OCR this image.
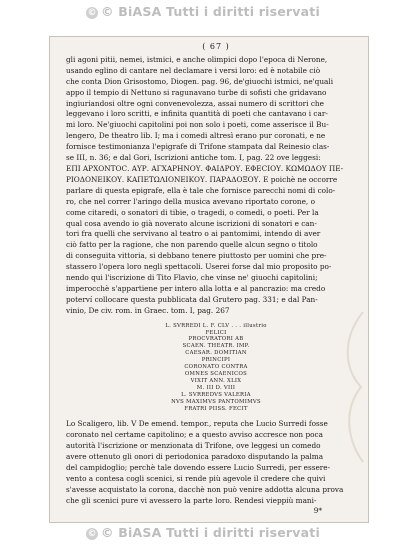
© © BiASA Tutti i diritti riservati
( 67 )

gli agoni pitii, nemei, istmici, e anche olimpici dopo l'epoca di Nerone,

usando eglino di cantare nel declamare i versi loro: ed è notabile ciò

che conta Dion Grisostomo, Diogen. pag. 96, de'giuochi istmici, ne'quali

appo il tempio di Nettuno si ragunavano turbe di sofisti che gridavano

ingiuriandosi oltre ogni convenevolezza, assai numero di scrittori che

leggevano i loro scritti, e infinita quantità di poeti che cantavano i car-

mi loro. Ne'giuochi capitolini poi non solo i poeti, come asserisce il Bu-

lengero, De theatro lib. I; ma i comedi altresì erano pur coronati, e ne

fornisce testimonianza l'epigrafe di Trifone stampata dal Reinesio clas-

se III, n. 36; e dal Gori, Iscrizioni antiche tom. I, pag. 22 ove leggesi:

ΕΠΙ ΑΡΧΟΝΤΟϹ. ΑΥΡ. ΑΓΧΑΡΗΝΟΥ. ΦΑΙΔΡΟΥ. ΕΦΕϹΙΟΥ. ΚΩΜΩΔΟΥ ΠΕ-

ΡΙΟΔΟΝΕΙΚΟΥ. ΚΑΠΕΤΩΛΙΟΝΕΙΚΟΥ. ΠΑΡΑΔΟΞΟΥ. E poichè ne occorre

parlare di questa epigrafe, ella è tale che fornisce parecchi nomi di colo-

ro, che nel correr l'aringo della musica avevano riportato corone, o

come citaredi, o sonatori di tibie, o tragedi, o comedi, o poeti. Per la

qual cosa avendo io già noverato alcune iscrizioni di sonatori e can-

tori fra quelli che servivano al teatro o ai pantomimi, intendo di aver

ciò fatto per la ragione, che non parendo quelle alcun segno o titolo

di conseguita vittoria, si debbano tenere piuttosto per uomini che pre-

stassero l'opera loro negli spettacoli. Userei forse dal mio proposito po-

nendo qui l'iscrizione di Tito Flavio, che vinse ne' giuochi capitolini;

imperocchè s'appartiene per intero alla lotta e al pancrazio: ma credo

poterví collocare questa pubblicata dal Grutero pag. 331; e dal Pan-

vinio, De civ. rom. in Graec. tom. I, pag. 267

L. SVRREDI L. F. CLV . . . illustrio
FELICI
PROCVRATORI AB
SCAEN. THEATR. IMP.
CAESAR. DOMITIAN
PRINCIPI
CORONATO CONTRA
OMNES SCAENICOS
VIXIT ANN. XLIX
M. III D. VIII
L. SVRREDVS VALERIA
NVS MAXIMVS PANTOMIMVS
FRATRI PIISS. FECIT

Lo Scaligero, lib. V De emend. tempor., reputa che Lucio Surredi fosse

coronato nel certame capitolino; e a questo avviso accresce non poca

autorità l'iscrizione or menzionata di Trifone, ove leggesi un comedo

avere ottenuto gli onori di periodonica paradoxo disputando la palma

del campidoglio; perchè tale dovendo essere Lucio Surredi, per essere-

vento a contesa cogli scenici, si rende più agevole il credere che quivi

s'avesse acquistato la corona, dacchè non può venire addotta alcuna prova

che gli scenici pure vi avessero la parte loro. Rendesi vieppiù mani-

9*
© © BiASA Tutti i diritti riservati
